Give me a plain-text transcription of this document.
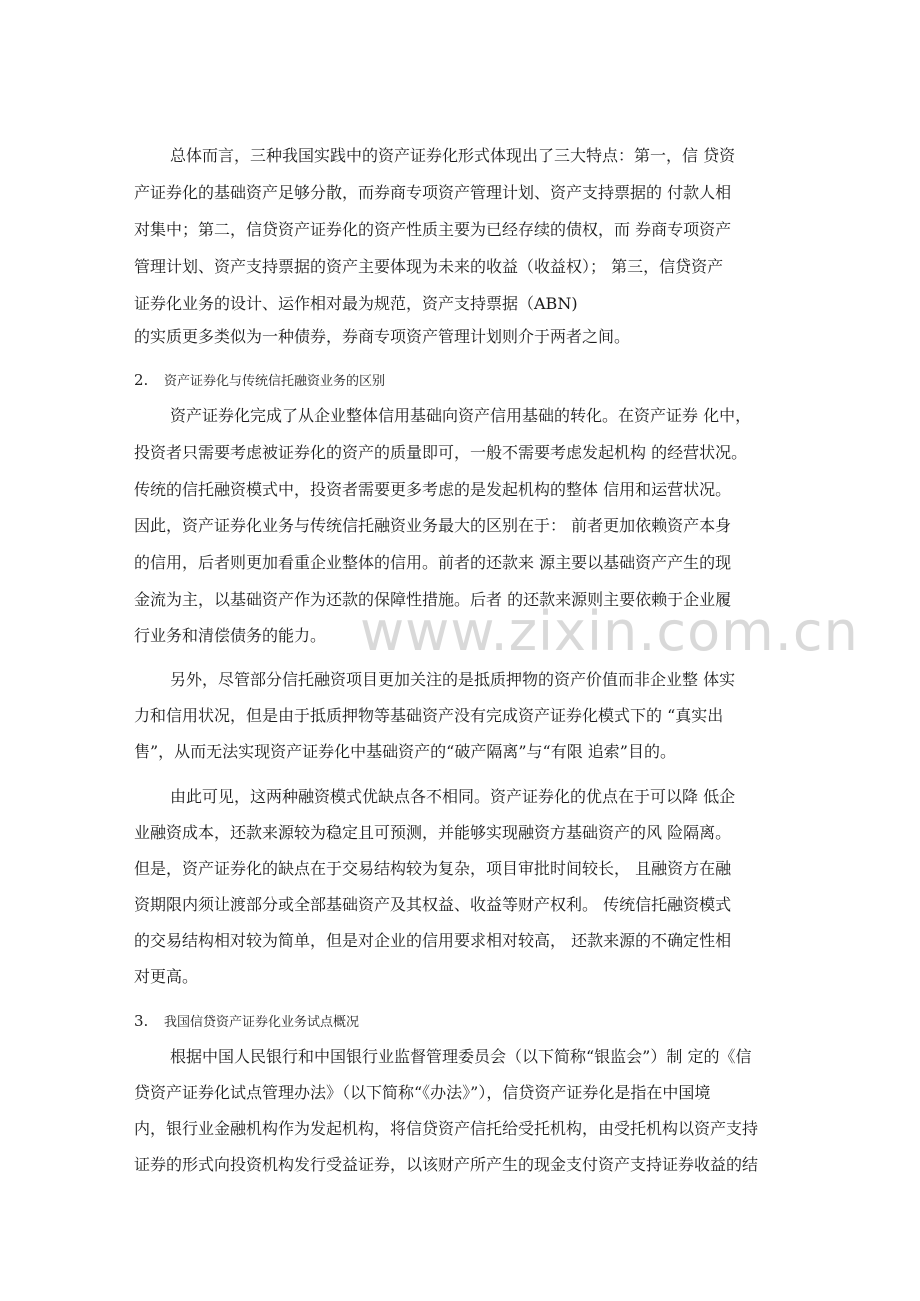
www.zixin.com.cn
总体而言，三种我国实践中的资产证券化形式体现出了三大特点：第一，信 贷资
产证券化的基础资产足够分散，而券商专项资产管理计划、资产支持票据的 付款人相
对集中；第二，信贷资产证券化的资产性质主要为已经存续的债权，而 券商专项资产
管理计划、资产支持票据的资产主要体现为未来的收益（收益权）； 第三，信贷资产
证券化业务的设计、运作相对最为规范，资产支持票据（ABN)
的实质更多类似为一种债券，券商专项资产管理计划则介于两者之间。
2. 资产证券化与传统信托融资业务的区别
资产证券化完成了从企业整体信用基础向资产信用基础的转化。在资产证券 化中，
投资者只需要考虑被证券化的资产的质量即可，一般不需要考虑发起机构 的经营状况。
传统的信托融资模式中，投资者需要更多考虑的是发起机构的整体 信用和运营状况。
因此，资产证券化业务与传统信托融资业务最大的区别在于： 前者更加依赖资产本身
的信用，后者则更加看重企业整体的信用。前者的还款来 源主要以基础资产产生的现
金流为主，以基础资产作为还款的保障性措施。后者 的还款来源则主要依赖于企业履
行业务和清偿债务的能力。
另外，尽管部分信托融资项目更加关注的是抵质押物的资产价值而非企业整 体实
力和信用状况，但是由于抵质押物等基础资产没有完成资产证券化模式下的 “真实出
售”，从而无法实现资产证券化中基础资产的“破产隔离”与“有限 追索”目的。
由此可见，这两种融资模式优缺点各不相同。资产证券化的优点在于可以降 低企
业融资成本，还款来源较为稳定且可预测，并能够实现融资方基础资产的风 险隔离。
但是，资产证券化的缺点在于交易结构较为复杂，项目审批时间较长， 且融资方在融
资期限内须让渡部分或全部基础资产及其权益、收益等财产权利。 传统信托融资模式
的交易结构相对较为简单，但是对企业的信用要求相对较高， 还款来源的不确定性相
对更高。
3. 我国信贷资产证券化业务试点概况
根据中国人民银行和中国银行业监督管理委员会（以下简称“银监会”）制 定的《信
贷资产证券化试点管理办法》（以下简称“《办法》”），信贷资产证券化是指在中国境
内，银行业金融机构作为发起机构，将信贷资产信托给受托机构，由受托机构以资产支持
证券的形式向投资机构发行受益证券，以该财产所产生的现金支付资产支持证券收益的结
